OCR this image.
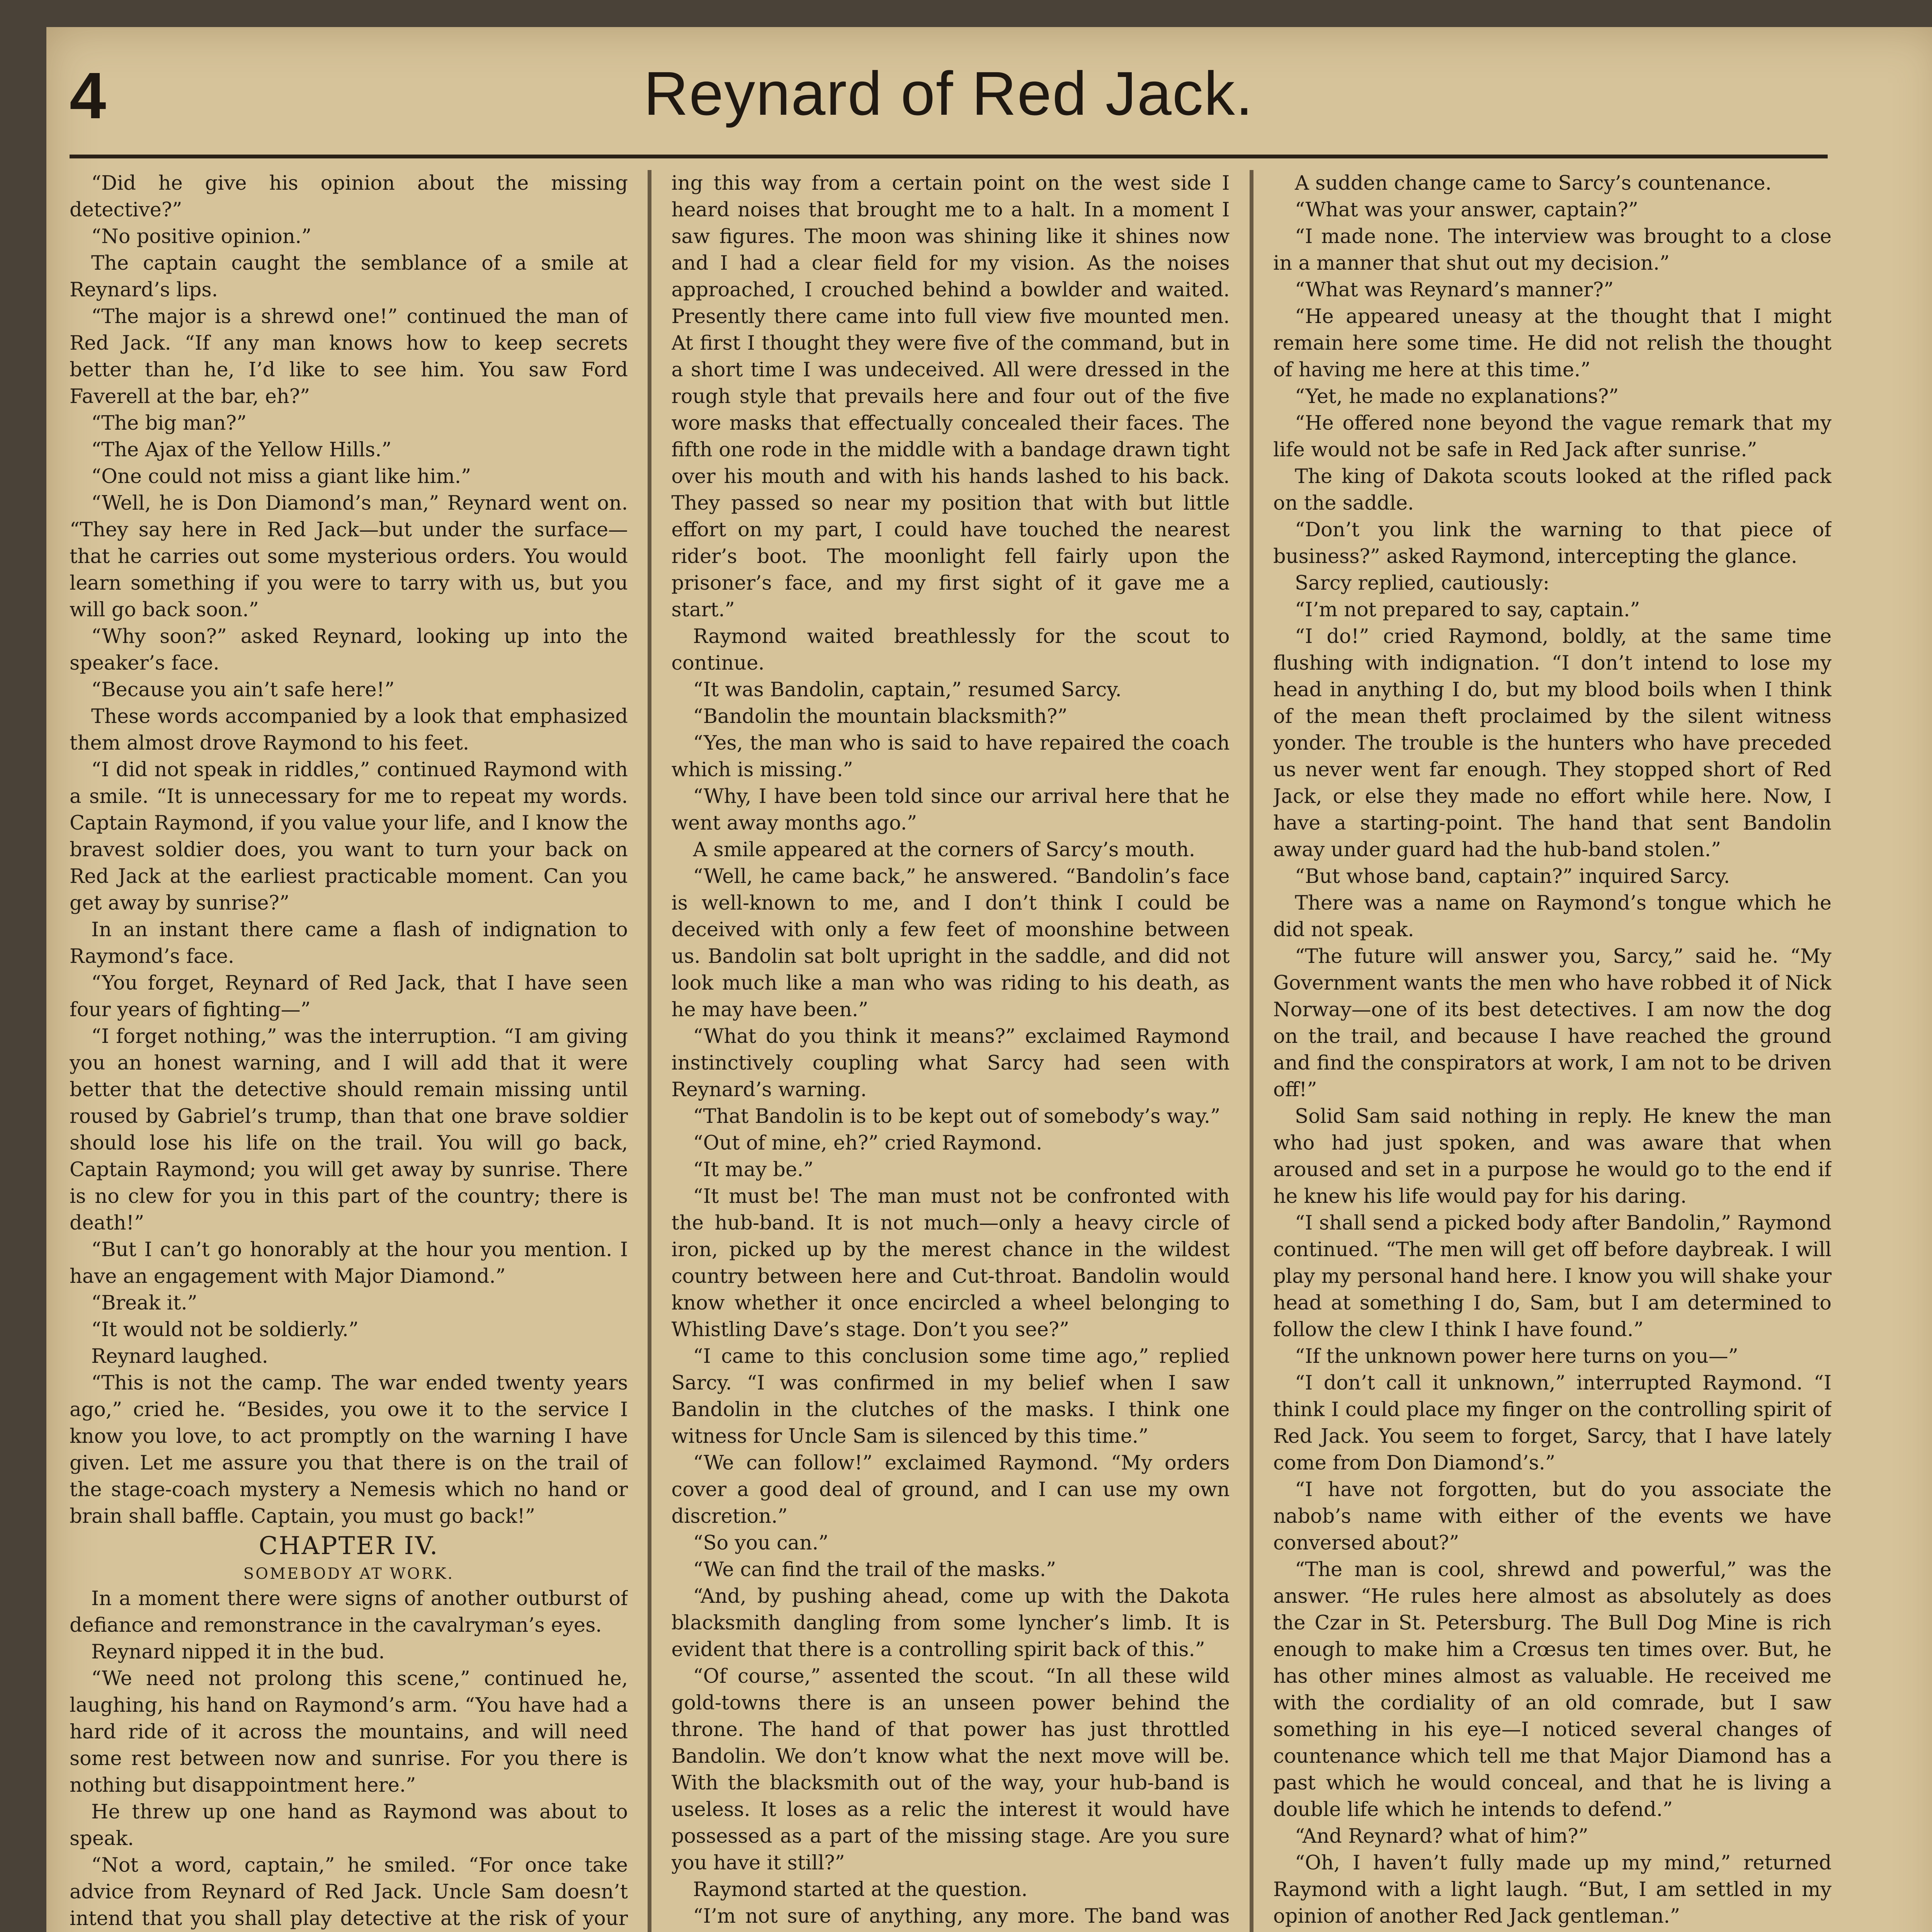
4	Reynard of Red Jack.

“Did he give his opinion about the missing detective?”

“No positive opinion.”

The captain caught the semblance of a smile at Reynard’s lips.

“The major is a shrewd one!” continued the man of Red Jack. “If any man knows how to keep secrets better than he, I’d like to see him. You saw Ford Faverell at the bar, eh?”

“The big man?”

“The Ajax of the Yellow Hills.”

“One could not miss a giant like him.”

“Well, he is Don Diamond’s man,” Reynard went on. “They say here in Red Jack—but under the surface—that he carries out some mysterious orders. You would learn something if you were to tarry with us, but you will go back soon.”

“Why soon?” asked Reynard, looking up into the speaker’s face.

“Because you ain’t safe here!”

These words accompanied by a look that emphasized them almost drove Raymond to his feet.

“I did not speak in riddles,” continued Raymond with a smile. “It is unnecessary for me to repeat my words. Captain Raymond, if you value your life, and I know the bravest soldier does, you want to turn your back on Red Jack at the earliest practicable moment. Can you get away by sunrise?”

In an instant there came a flash of indignation to Raymond’s face.

“You forget, Reynard of Red Jack, that I have seen four years of fighting—”

“I forget nothing,” was the interruption. “I am giving you an honest warning, and I will add that it were better that the detective should remain missing until roused by Gabriel’s trump, than that one brave soldier should lose his life on the trail. You will go back, Captain Raymond; you will get away by sunrise. There is no clew for you in this part of the country; there is death!”

“But I can’t go honorably at the hour you mention. I have an engagement with Major Diamond.”

“Break it.”

“It would not be soldierly.”

Reynard laughed.

“This is not the camp. The war ended twenty years ago,” cried he. “Besides, you owe it to the service I know you love, to act promptly on the warning I have given. Let me assure you that there is on the trail of the stage-coach mystery a Nemesis which no hand or brain shall baffle. Captain, you must go back!”

CHAPTER IV.

SOMEBODY AT WORK.

In a moment there were signs of another outburst of defiance and remonstrance in the cavalryman’s eyes.

Reynard nipped it in the bud.

“We need not prolong this scene,” continued he, laughing, his hand on Raymond’s arm. “You have had a hard ride of it across the mountains, and will need some rest between now and sunrise. For you there is nothing but disappointment here.”

He threw up one hand as Raymond was about to speak.

“Not a word, captain,” he smiled. “For once take advice from Reynard of Red Jack. Uncle Sam doesn’t intend that you shall play detective at the risk of your

ing this way from a certain point on the west side I heard noises that brought me to a halt. In a moment I saw figures. The moon was shining like it shines now and I had a clear field for my vision. As the noises approached, I crouched behind a bowlder and waited. Presently there came into full view five mounted men. At first I thought they were five of the command, but in a short time I was undeceived. All were dressed in the rough style that prevails here and four out of the five wore masks that effectually concealed their faces. The fifth one rode in the middle with a bandage drawn tight over his mouth and with his hands lashed to his back. They passed so near my position that with but little effort on my part, I could have touched the nearest rider’s boot. The moonlight fell fairly upon the prisoner’s face, and my first sight of it gave me a start.”

Raymond waited breathlessly for the scout to continue.

“It was Bandolin, captain,” resumed Sarcy.

“Bandolin the mountain blacksmith?”

“Yes, the man who is said to have repaired the coach which is missing.”

“Why, I have been told since our arrival here that he went away months ago.”

A smile appeared at the corners of Sarcy’s mouth.

“Well, he came back,” he answered. “Bandolin’s face is well-known to me, and I don’t think I could be deceived with only a few feet of moonshine between us. Bandolin sat bolt upright in the saddle, and did not look much like a man who was riding to his death, as he may have been.”

“What do you think it means?” exclaimed Raymond instinctively coupling what Sarcy had seen with Reynard’s warning.

“That Bandolin is to be kept out of somebody’s way.”

“Out of mine, eh?” cried Raymond.

“It may be.”

“It must be! The man must not be confronted with the hub-band. It is not much—only a heavy circle of iron, picked up by the merest chance in the wildest country between here and Cut-throat. Bandolin would know whether it once encircled a wheel belonging to Whistling Dave’s stage. Don’t you see?”

“I came to this conclusion some time ago,” replied Sarcy. “I was confirmed in my belief when I saw Bandolin in the clutches of the masks. I think one witness for Uncle Sam is silenced by this time.”

“We can follow!” exclaimed Raymond. “My orders cover a good deal of ground, and I can use my own discretion.”

“So you can.”

“We can find the trail of the masks.”

“And, by pushing ahead, come up with the Dakota blacksmith dangling from some lyncher’s limb. It is evident that there is a controlling spirit back of this.”

“Of course,” assented the scout. “In all these wild gold-towns there is an unseen power behind the throne. The hand of that power has just throttled Bandolin. We don’t know what the next move will be. With the blacksmith out of the way, your hub-band is useless. It loses as a relic the interest it would have possessed as a part of the missing stage. Are you sure you have it still?”

Raymond started at the question.

“I’m not sure of anything, any more. The band was

A sudden change came to Sarcy’s countenance.

“What was your answer, captain?”

“I made none. The interview was brought to a close in a manner that shut out my decision.”

“What was Reynard’s manner?”

“He appeared uneasy at the thought that I might remain here some time. He did not relish the thought of having me here at this time.”

“Yet, he made no explanations?”

“He offered none beyond the vague remark that my life would not be safe in Red Jack after sunrise.”

The king of Dakota scouts looked at the rifled pack on the saddle.

“Don’t you link the warning to that piece of business?” asked Raymond, intercepting the glance.

Sarcy replied, cautiously:

“I’m not prepared to say, captain.”

“I do!” cried Raymond, boldly, at the same time flushing with indignation. “I don’t intend to lose my head in anything I do, but my blood boils when I think of the mean theft proclaimed by the silent witness yonder. The trouble is the hunters who have preceded us never went far enough. They stopped short of Red Jack, or else they made no effort while here. Now, I have a starting-point. The hand that sent Bandolin away under guard had the hub-band stolen.”

“But whose band, captain?” inquired Sarcy.

There was a name on Raymond’s tongue which he did not speak.

“The future will answer you, Sarcy,” said he. “My Government wants the men who have robbed it of Nick Norway—one of its best detectives. I am now the dog on the trail, and because I have reached the ground and find the conspirators at work, I am not to be driven off!”

Solid Sam said nothing in reply. He knew the man who had just spoken, and was aware that when aroused and set in a purpose he would go to the end if he knew his life would pay for his daring.

“I shall send a picked body after Bandolin,” Raymond continued. “The men will get off before daybreak. I will play my personal hand here. I know you will shake your head at something I do, Sam, but I am determined to follow the clew I think I have found.”

“If the unknown power here turns on you—”

“I don’t call it unknown,” interrupted Raymond. “I think I could place my finger on the controlling spirit of Red Jack. You seem to forget, Sarcy, that I have lately come from Don Diamond’s.”

“I have not forgotten, but do you associate the nabob’s name with either of the events we have conversed about?”

“The man is cool, shrewd and powerful,” was the answer. “He rules here almost as absolutely as does the Czar in St. Petersburg. The Bull Dog Mine is rich enough to make him a Crœsus ten times over. But, he has other mines almost as valuable. He received me with the cordiality of an old comrade, but I saw something in his eye—I noticed several changes of countenance which tell me that Major Diamond has a past which he would conceal, and that he is living a double life which he intends to defend.”

“And Reynard? what of him?”

“Oh, I haven’t fully made up my mind,” returned Raymond with a light laugh. “But, I am settled in my opinion of another Red Jack gentleman.”
